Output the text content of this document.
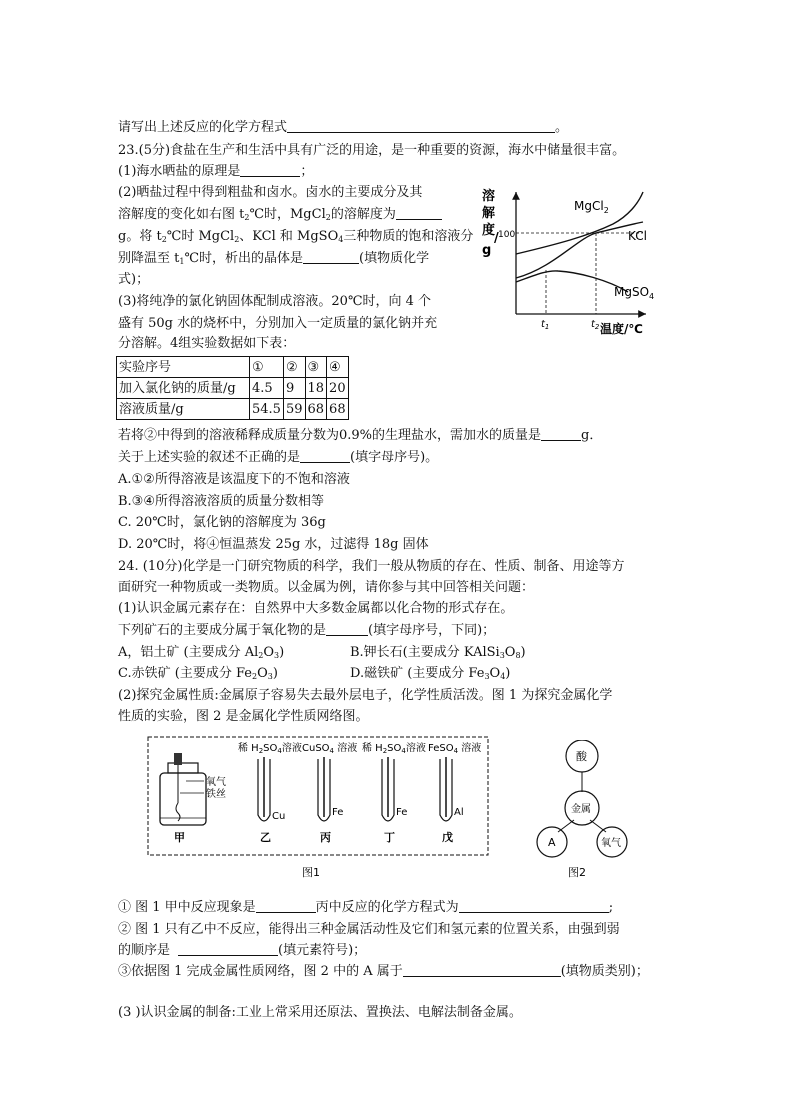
请写出上述反应的化学方程式	。
23.(5分)食盐在生产和生活中具有广泛的用途，是一种重要的资源，海水中储量很丰富。
(1)海水晒盐的原理是	；
(2)晒盐过程中得到粗盐和卤水。卤水的主要成分及其
溶解度的变化如右图 $t_2℃$时，MgCl$_2$的溶解度为
g。将 $t_2℃$时 MgCl$_2$、KCl 和 MgSO$_4$三种物质的饱和溶液分
别降温至 $t_1℃$时，析出的晶体是	(填物质化学
式)；
(3)将纯净的氯化钠固体配制成溶液。20℃时，向 4 个
盛有 50g 水的烧杯中，分别加入一定质量的氯化钠并充
分溶解。4组实验数据如下表：
溶
解
度
/
g
100
MgCl$_2$
KCl
MgSO$_4$
$t_1$	$t_2$ 温度/℃
实验序号	①	②	③	④
加入氯化钠的质量/g	4.5	9	18	20
溶液质量/g	54.5	59	68	68
若将②中得到的溶液稀释成质量分数为0.9%的生理盐水，需加水的质量是	g．
关于上述实验的叙述不正确的是	(填字母序号)。
A.①②所得溶液是该温度下的不饱和溶液
B.③④所得溶液溶质的质量分数相等
C. 20℃时，氯化钠的溶解度为 36g
D. 20℃时，将④恒温蒸发 25g 水，过滤得 18g 固体
24. (10分)化学是一门研究物质的科学，我们一般从物质的存在、性质、制备、用途等方
面研究一种物质或一类物质。以金属为例，请你参与其中回答相关问题：
(1)认识金属元素存在：自然界中大多数金属都以化合物的形式存在。
下列矿石的主要成分属于氧化物的是	(填字母序号，下同)；
A，铝土矿 (主要成分 $Al_2O_3$)	B.钾长石(主要成分 $KAlSi_3O_8$)
C.赤铁矿 (主要成分 $Fe_2O_3$)	D.磁铁矿 (主要成分 $Fe_3O_4$)
(2)探究金属性质:金属原子容易失去最外层电子，化学性质活泼。图 1 为探究金属化学
性质的实验，图 2 是金属化学性质网络图。
氧气
铁丝
甲
稀 $H_2SO_4$溶液
Cu
乙
CuSO$_4$ 溶液
Fe
丙
稀 $H_2SO_4$溶液
Fe
丁
FeSO$_4$ 溶液
Al
戊
图1
酸
金属
A	氧气
图2
① 图 1 甲中反应现象是	丙中反应的化学方程式为	;
② 图 1 只有乙中不反应，能得出三种金属活动性及它们和氢元素的位置关系，由强到弱
的顺序是	(填元素符号)；
③依据图 1 完成金属性质网络，图 2 中的 A 属于	(填物质类别)；
(3 )认识金属的制备:工业上常采用还原法、置换法、电解法制备金属。
